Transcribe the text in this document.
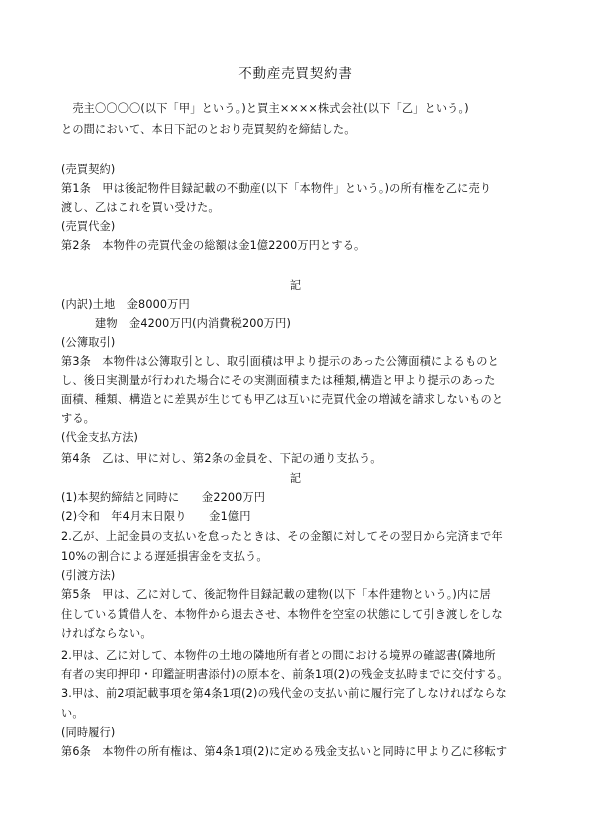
不動産売買契約書
　売主〇〇〇〇(以下「甲」という。)と買主××××株式会社(以下「乙」という。)
との間において、本日下記のとおり売買契約を締結した。
(売買契約)
第1条　甲は後記物件目録記載の不動産(以下「本物件」という。)の所有権を乙に売り
渡し、乙はこれを買い受けた。
(売買代金)
第2条　本物件の売買代金の総額は金1億2200万円とする。
記
(内訳)土地　金8000万円
　　　建物　金4200万円(内消費税200万円)
(公簿取引)
第3条　本物件は公簿取引とし、取引面積は甲より提示のあった公簿面積によるものと
し、後日実測量が行われた場合にその実測面積または種類,構造と甲より提示のあった
面積、種類、構造とに差異が生じても甲乙は互いに売買代金の増減を請求しないものと
する。
(代金支払方法)
第4条　乙は、甲に対し、第2条の金員を、下記の通り支払う。
記
(1)本契約締結と同時に　　金2200万円
(2)令和　年4月末日限り　　金1億円
2.乙が、上記金員の支払いを怠ったときは、その金額に対してその翌日から完済まで年
10%の割合による遅延損害金を支払う。
(引渡方法)
第5条　甲は、乙に対して、後記物件目録記載の建物(以下「本件建物という。)内に居
住している賃借人を、本物件から退去させ、本物件を空室の状態にして引き渡しをしな
ければならない。
2.甲は、乙に対して、本物件の土地の隣地所有者との間における境界の確認書(隣地所
有者の実印押印・印鑑証明書添付)の原本を、前条1項(2)の残金支払時までに交付する。
3.甲は、前2項記載事項を第4条1項(2)の残代金の支払い前に履行完了しなければならな
い。
(同時履行)
第6条　本物件の所有権は、第4条1項(2)に定める残金支払いと同時に甲より乙に移転す
